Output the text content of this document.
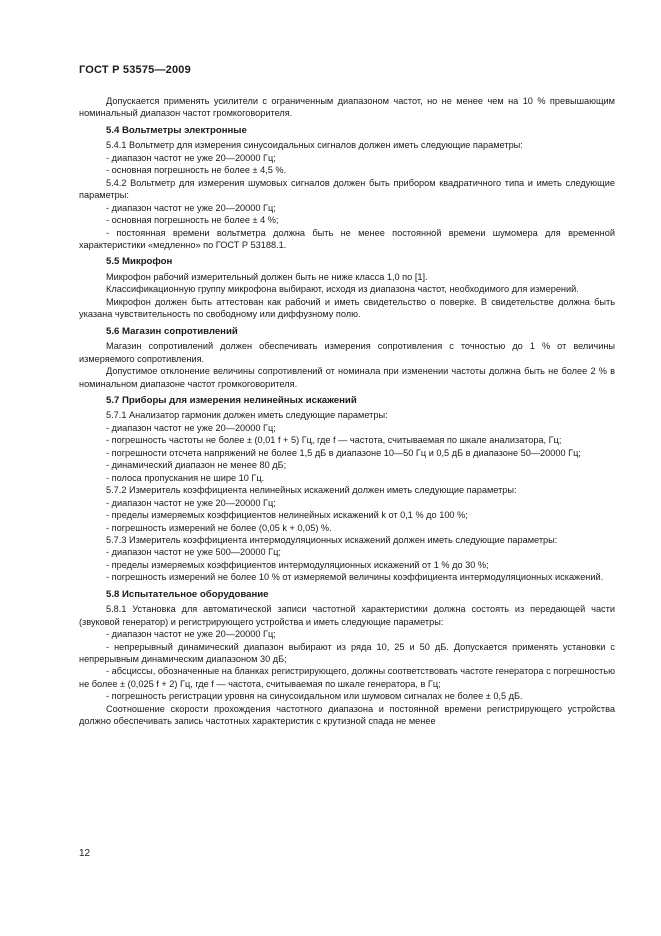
ГОСТ Р 53575—2009

Допускается применять усилители с ограниченным диапазоном частот, но не менее чем на 10 % превышающим номинальный диапазон частот громкоговорителя.

5.4 Вольтметры электронные

5.4.1 Вольтметр для измерения синусоидальных сигналов должен иметь следующие параметры:

- диапазон частот не уже 20—20000 Гц;

- основная погрешность не более ± 4,5 %.

5.4.2 Вольтметр для измерения шумовых сигналов должен быть прибором квадратичного типа и иметь следующие параметры:

- диапазон частот не уже 20—20000 Гц;

- основная погрешность не более ± 4 %;

- постоянная времени вольтметра должна быть не менее постоянной времени шумомера для временной характеристики «медленно» по ГОСТ Р 53188.1.

5.5 Микрофон

Микрофон рабочий измерительный должен быть не ниже класса 1,0 по [1].

Классификационную группу микрофона выбирают, исходя из диапазона частот, необходимого для измерений.

Микрофон должен быть аттестован как рабочий и иметь свидетельство о поверке. В свидетельстве должна быть указана чувствительность по свободному или диффузному полю.

5.6 Магазин сопротивлений

Магазин сопротивлений должен обеспечивать измерения сопротивления с точностью до 1 % от величины измеряемого сопротивления.

Допустимое отклонение величины сопротивлений от номинала при изменении частоты должна быть не более 2 % в номинальном диапазоне частот громкоговорителя.

5.7 Приборы для измерения нелинейных искажений

5.7.1 Анализатор гармоник должен иметь следующие параметры:

- диапазон частот не уже 20—20000 Гц;

- погрешность частоты не более ± (0,01 f + 5) Гц, где f — частота, считываемая по шкале анализатора, Гц;

- погрешности отсчета напряжений не более 1,5 дБ в диапазоне 10—50 Гц и 0,5 дБ в диапазоне 50—20000 Гц;

- динамический диапазон не менее 80 дБ;

- полоса пропускания не шире 10 Гц.

5.7.2 Измеритель коэффициента нелинейных искажений должен иметь следующие параметры:

- диапазон частот не уже 20—20000 Гц;

- пределы измеряемых коэффициентов нелинейных искажений k от 0,1 % до 100 %;

- погрешность измерений не более (0,05 k + 0,05) %.

5.7.3 Измеритель коэффициента интермодуляционных искажений должен иметь следующие параметры:

- диапазон частот не уже 500—20000 Гц;

- пределы измеряемых коэффициентов интермодуляционных искажений от 1 % до 30 %;

- погрешность измерений не более 10 % от измеряемой величины коэффициента интермодуляционных искажений.

5.8 Испытательное оборудование

5.8.1 Установка для автоматической записи частотной характеристики должна состоять из передающей части (звуковой генератор) и регистрирующего устройства и иметь следующие параметры:

- диапазон частот не уже 20—20000 Гц;

- непрерывный динамический диапазон выбирают из ряда 10, 25 и 50 дБ. Допускается применять установки с непрерывным динамическим диапазоном 30 дБ;

- абсциссы, обозначенные на бланках регистрирующего, должны соответствовать частоте генератора с погрешностью не более ± (0,025 f + 2) Гц, где f — частота, считываемая по шкале генератора, в Гц;

- погрешность регистрации уровня на синусоидальном или шумовом сигналах не более ± 0,5 дБ.

Соотношение скорости прохождения частотного диапазона и постоянной времени регистрирующего устройства должно обеспечивать запись частотных характеристик с крутизной спада не менее

12
